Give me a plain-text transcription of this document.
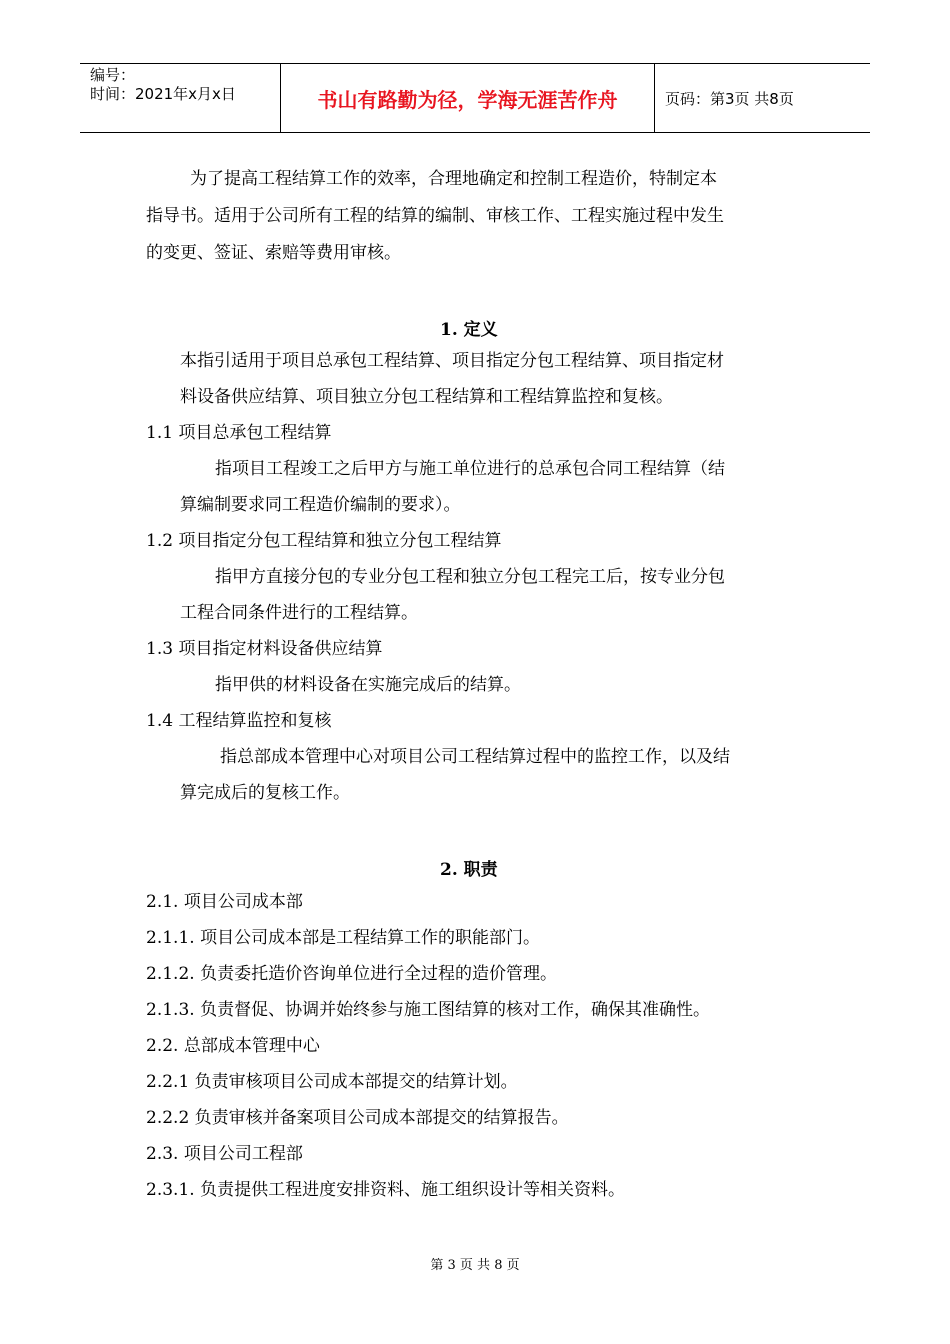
编号：
时间：2021年x月x日	书山有路勤为径，学海无涯苦作舟	页码：第3页 共8页
为了提高工程结算工作的效率，合理地确定和控制工程造价，特制定本
指导书。适用于公司所有工程的结算的编制、审核工作、工程实施过程中发生
的变更、签证、索赔等费用审核。
1. 定义
本指引适用于项目总承包工程结算、项目指定分包工程结算、项目指定材
料设备供应结算、项目独立分包工程结算和工程结算监控和复核。
1.1 项目总承包工程结算
指项目工程竣工之后甲方与施工单位进行的总承包合同工程结算（结
算编制要求同工程造价编制的要求）。
1.2 项目指定分包工程结算和独立分包工程结算
指甲方直接分包的专业分包工程和独立分包工程完工后，按专业分包
工程合同条件进行的工程结算。
1.3 项目指定材料设备供应结算
指甲供的材料设备在实施完成后的结算。
1.4 工程结算监控和复核
指总部成本管理中心对项目公司工程结算过程中的监控工作，以及结
算完成后的复核工作。
2. 职责
2.1. 项目公司成本部
2.1.1. 项目公司成本部是工程结算工作的职能部门。
2.1.2. 负责委托造价咨询单位进行全过程的造价管理。
2.1.3. 负责督促、协调并始终参与施工图结算的核对工作，确保其准确性。
2.2. 总部成本管理中心
2.2.1 负责审核项目公司成本部提交的结算计划。
2.2.2 负责审核并备案项目公司成本部提交的结算报告。
2.3. 项目公司工程部
2.3.1. 负责提供工程进度安排资料、施工组织设计等相关资料。
第 3 页 共 8 页
